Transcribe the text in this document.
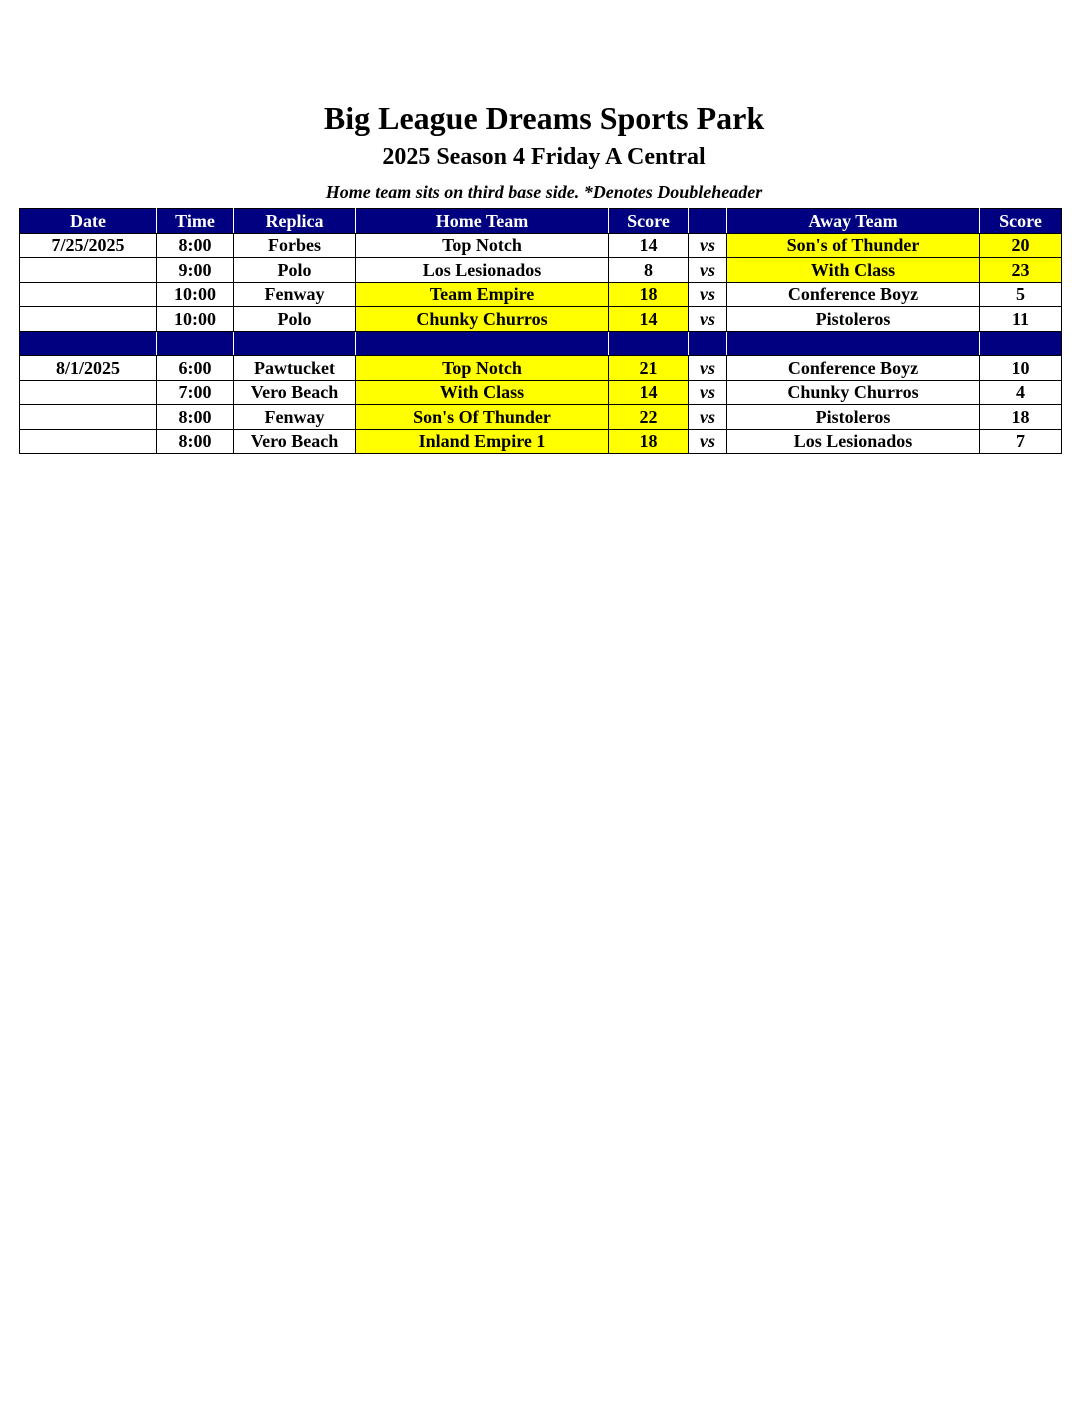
Big League Dreams Sports Park
2025 Season 4 Friday A Central
Home team sits on third base side. *Denotes Doubleheader
Date	Time	Replica	Home Team	Score		Away Team	Score
7/25/2025	8:00	Forbes	Top Notch	14	vs	Son's of Thunder	20
	9:00	Polo	Los Lesionados	8	vs	With Class	23
	10:00	Fenway	Team Empire	18	vs	Conference Boyz	5
	10:00	Polo	Chunky Churros	14	vs	Pistoleros	11

8/1/2025	6:00	Pawtucket	Top Notch	21	vs	Conference Boyz	10
	7:00	Vero Beach	With Class	14	vs	Chunky Churros	4
	8:00	Fenway	Son's Of Thunder	22	vs	Pistoleros	18
	8:00	Vero Beach	Inland Empire 1	18	vs	Los Lesionados	7
